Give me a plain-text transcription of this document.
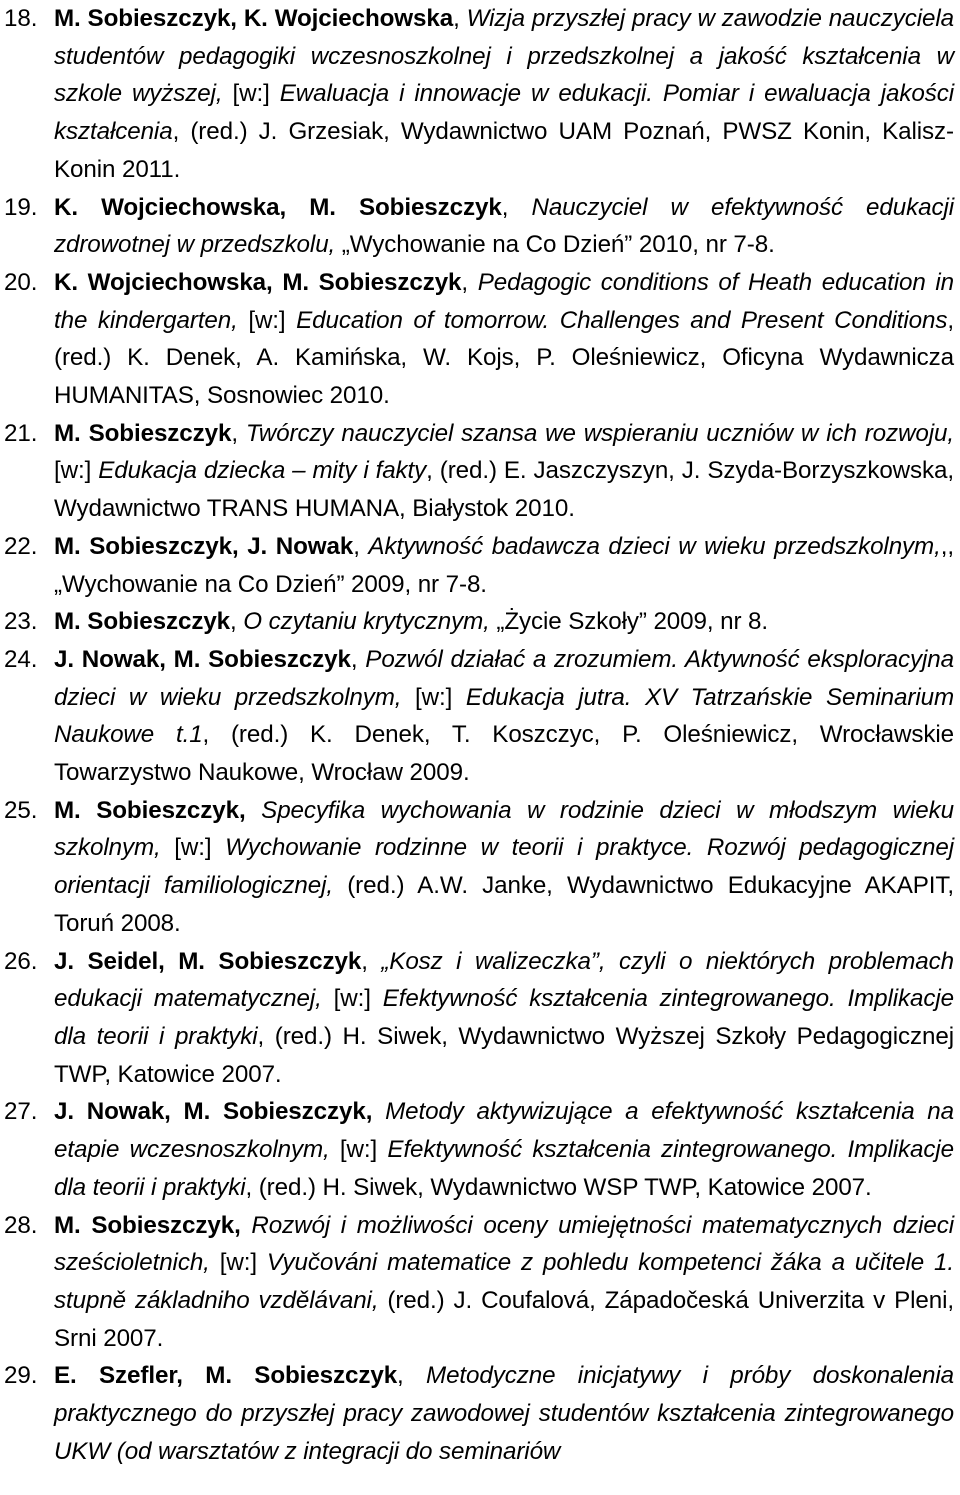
18. M. Sobieszczyk, K. Wojciechowska, Wizja przyszłej pracy w zawodzie nauczyciela studentów pedagogiki wczesnoszkolnej i przedszkolnej a jakość kształcenia w szkole wyższej, [w:] Ewaluacja i innowacje w edukacji. Pomiar i ewaluacja jakości kształcenia, (red.) J. Grzesiak, Wydawnictwo UAM Poznań, PWSZ Konin, Kalisz-Konin 2011.
19. K. Wojciechowska, M. Sobieszczyk, Nauczyciel w efektywność edukacji zdrowotnej w przedszkolu, „Wychowanie na Co Dzień” 2010, nr 7-8.
20. K. Wojciechowska, M. Sobieszczyk, Pedagogic conditions of Heath education in the kindergarten, [w:] Education of tomorrow. Challenges and Present Conditions, (red.) K. Denek, A. Kamińska, W. Kojs, P. Oleśniewicz, Oficyna Wydawnicza HUMANITAS, Sosnowiec 2010.
21. M. Sobieszczyk, Twórczy nauczyciel szansa we wspieraniu uczniów w ich rozwoju, [w:] Edukacja dziecka – mity i fakty, (red.) E. Jaszczyszyn, J. Szyda-Borzyszkowska, Wydawnictwo TRANS HUMANA, Białystok 2010.
22. M. Sobieszczyk, J. Nowak, Aktywność badawcza dzieci w wieku przedszkolnym,,, „Wychowanie na Co Dzień” 2009, nr 7-8.
23. M. Sobieszczyk, O czytaniu krytycznym, „Życie Szkoły” 2009, nr 8.
24. J. Nowak, M. Sobieszczyk, Pozwól działać a zrozumiem. Aktywność eksploracyjna dzieci w wieku przedszkolnym, [w:] Edukacja jutra. XV Tatrzańskie Seminarium Naukowe t.1, (red.) K. Denek, T. Koszczyc, P. Oleśniewicz, Wrocławskie Towarzystwo Naukowe, Wrocław 2009.
25. M. Sobieszczyk, Specyfika wychowania w rodzinie dzieci w młodszym wieku szkolnym, [w:] Wychowanie rodzinne w teorii i praktyce. Rozwój pedagogicznej orientacji familiologicznej, (red.) A.W. Janke, Wydawnictwo Edukacyjne AKAPIT, Toruń 2008.
26. J. Seidel, M. Sobieszczyk, „Kosz i walizeczka”, czyli o niektórych problemach edukacji matematycznej, [w:] Efektywność kształcenia zintegrowanego. Implikacje dla teorii i praktyki, (red.) H. Siwek, Wydawnictwo Wyższej Szkoły Pedagogicznej TWP, Katowice 2007.
27. J. Nowak, M. Sobieszczyk, Metody aktywizujące a efektywność kształcenia na etapie wczesnoszkolnym, [w:] Efektywność kształcenia zintegrowanego. Implikacje dla teorii i praktyki, (red.) H. Siwek, Wydawnictwo WSP TWP, Katowice 2007.
28. M. Sobieszczyk, Rozwój i możliwości oceny umiejętności matematycznych dzieci sześcioletnich, [w:] Vyučováni matematice z pohledu kompetenci žáka a učitele 1. stupně základniho vzdělávani, (red.) J. Coufalová, Západočeská Univerzita v Pleni, Srni 2007.
29. E. Szefler, M. Sobieszczyk, Metodyczne inicjatywy i próby doskonalenia praktycznego do przyszłej pracy zawodowej studentów kształcenia zintegrowanego UKW (od warsztatów z integracji do seminariów
